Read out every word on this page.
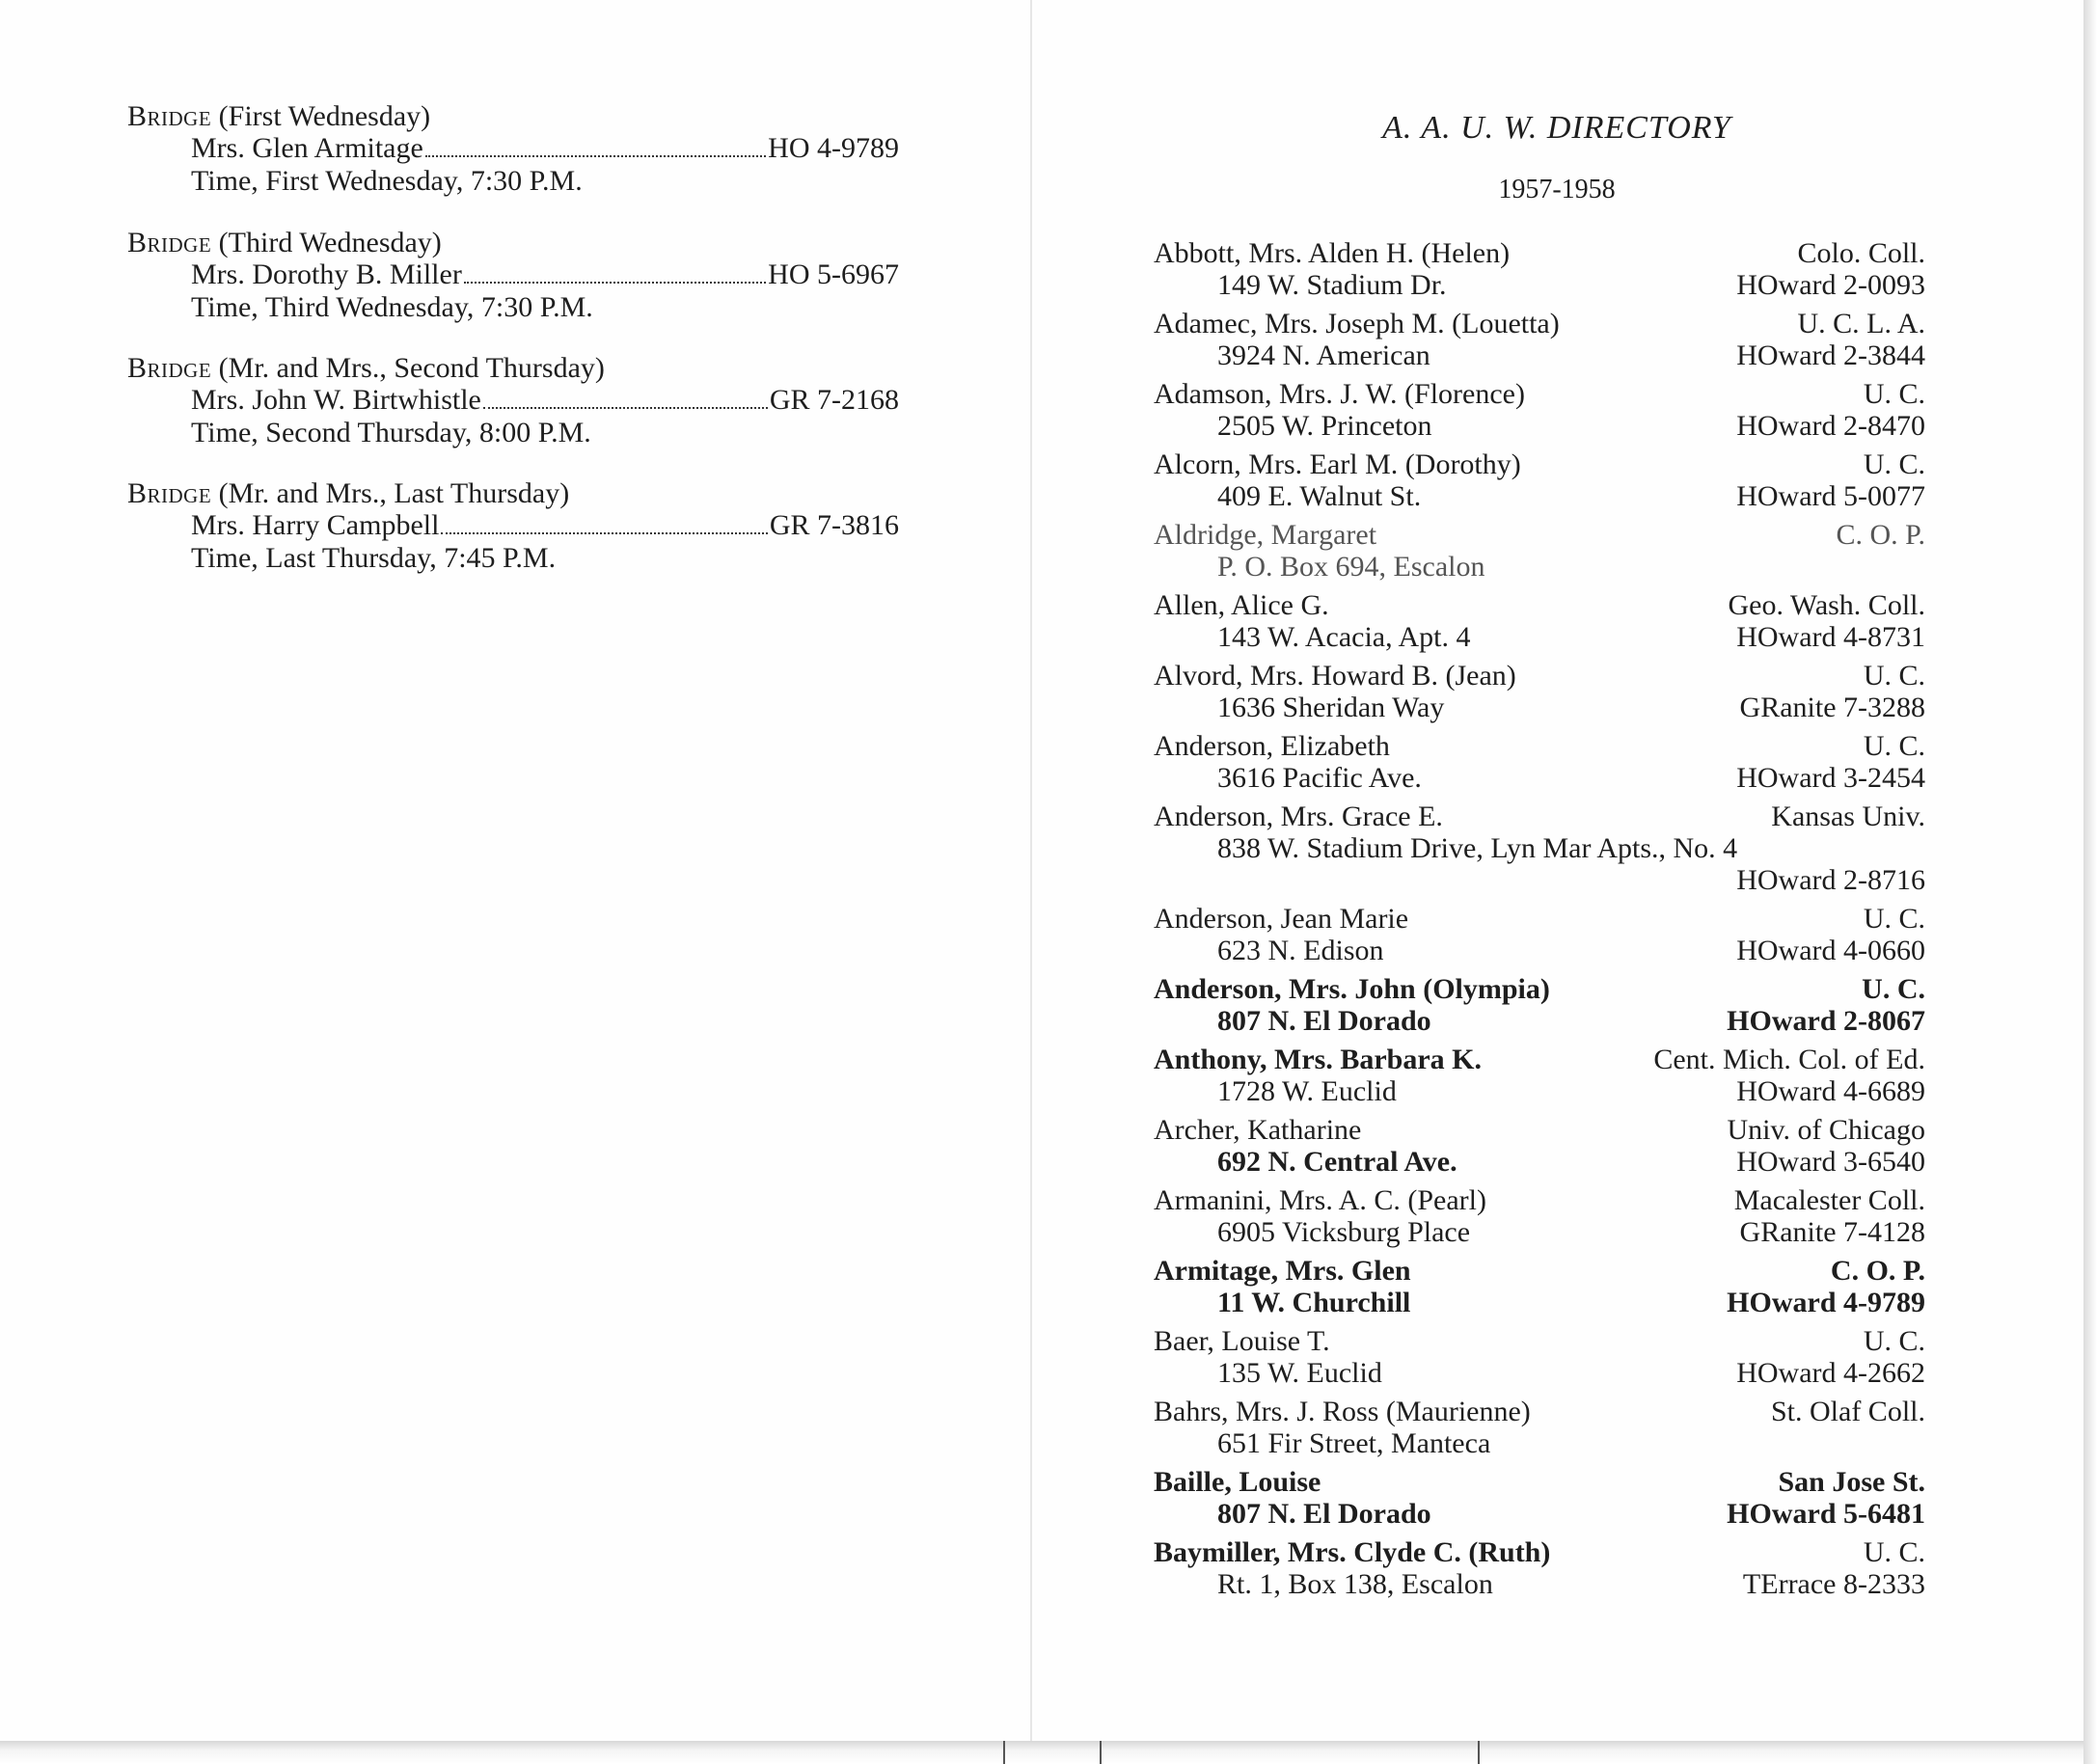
Bridge (First Wednesday)
Mrs. Glen Armitage	HO 4-9789
Time, First Wednesday, 7:30 P.M.
Bridge (Third Wednesday)
Mrs. Dorothy B. Miller	HO 5-6967
Time, Third Wednesday, 7:30 P.M.
Bridge (Mr. and Mrs., Second Thursday)
Mrs. John W. Birtwhistle	GR 7-2168
Time, Second Thursday, 8:00 P.M.
Bridge (Mr. and Mrs., Last Thursday)
Mrs. Harry Campbell	GR 7-3816
Time, Last Thursday, 7:45 P.M.
A. A. U. W. DIRECTORY
1957-1958
Abbott, Mrs. Alden H. (Helen)	Colo. Coll.
149 W. Stadium Dr.	HOward 2-0093
Adamec, Mrs. Joseph M. (Louetta)	U. C. L. A.
3924 N. American	HOward 2-3844
Adamson, Mrs. J. W. (Florence)	U. C.
2505 W. Princeton	HOward 2-8470
Alcorn, Mrs. Earl M. (Dorothy)	U. C.
409 E. Walnut St.	HOward 5-0077
Aldridge, Margaret	C. O. P.
P. O. Box 694, Escalon
Allen, Alice G.	Geo. Wash. Coll.
143 W. Acacia, Apt. 4	HOward 4-8731
Alvord, Mrs. Howard B. (Jean)	U. C.
1636 Sheridan Way	GRanite 7-3288
Anderson, Elizabeth	U. C.
3616 Pacific Ave.	HOward 3-2454
Anderson, Mrs. Grace E.	Kansas Univ.
838 W. Stadium Drive, Lyn Mar Apts., No. 4
HOward 2-8716
Anderson, Jean Marie	U. C.
623 N. Edison	HOward 4-0660
Anderson, Mrs. John (Olympia)	U. C.
807 N. El Dorado	HOward 2-8067
Anthony, Mrs. Barbara K.	Cent. Mich. Col. of Ed.
1728 W. Euclid	HOward 4-6689
Archer, Katharine	Univ. of Chicago
692 N. Central Ave.	HOward 3-6540
Armanini, Mrs. A. C. (Pearl)	Macalester Coll.
6905 Vicksburg Place	GRanite 7-4128
Armitage, Mrs. Glen	C. O. P.
11 W. Churchill	HOward 4-9789
Baer, Louise T.	U. C.
135 W. Euclid	HOward 4-2662
Bahrs, Mrs. J. Ross (Maurienne)	St. Olaf Coll.
651 Fir Street, Manteca
Baille, Louise	San Jose St.
807 N. El Dorado	HOward 5-6481
Baymiller, Mrs. Clyde C. (Ruth)	U. C.
Rt. 1, Box 138, Escalon	TErrace 8-2333
